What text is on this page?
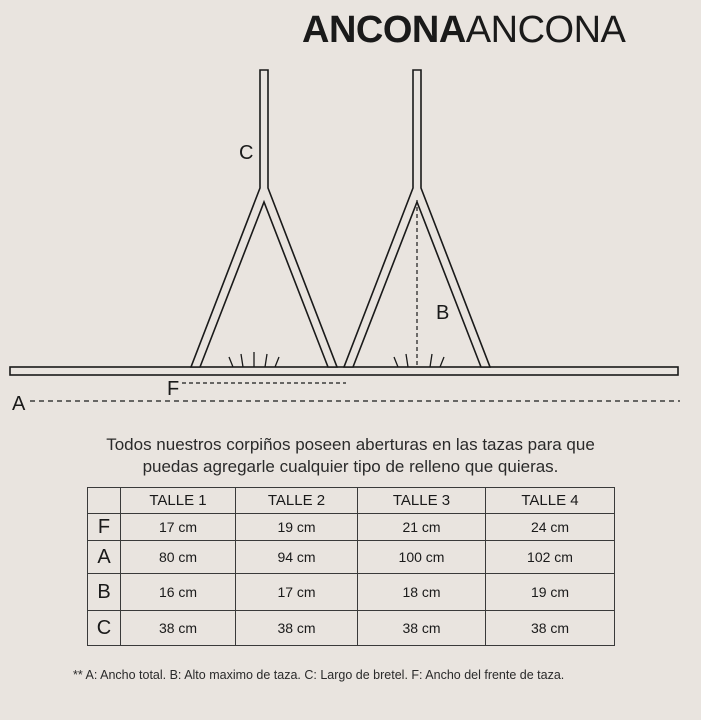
ANCONAANCONA
C
B
F
A
Todos nuestros corpiños poseen aberturas en las tazas para que
puedas agregarle cualquier tipo de relleno que quieras.
	TALLE 1	TALLE 2	TALLE 3	TALLE 4
F	17 cm	19 cm	21 cm	24 cm
A	80 cm	94 cm	100 cm	102 cm
B	16 cm	17 cm	18 cm	19 cm
C	38 cm	38 cm	38 cm	38 cm
** A: Ancho total. B: Alto maximo de taza. C: Largo de bretel. F: Ancho del frente de taza.
